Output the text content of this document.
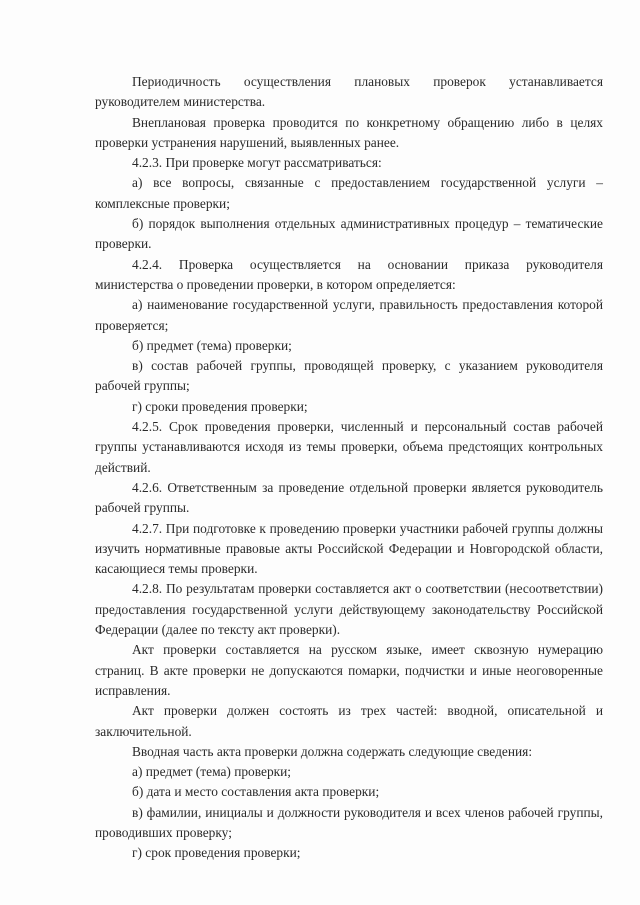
Периодичность осуществления плановых проверок устанавливается руководителем министерства.

Внеплановая проверка проводится по конкретному обращению либо в целях проверки устранения нарушений, выявленных ранее.

4.2.3. При проверке могут рассматриваться:

а) все вопросы, связанные с предоставлением государственной услуги – комплексные проверки;

б) порядок выполнения отдельных административных процедур – тематические проверки.

4.2.4. Проверка осуществляется на основании приказа руководителя министерства о проведении проверки, в котором определяется:

а) наименование государственной услуги, правильность предоставления которой проверяется;

б) предмет (тема) проверки;

в) состав рабочей группы, проводящей проверку, с указанием руководителя рабочей группы;

г) сроки проведения проверки;

4.2.5. Срок проведения проверки, численный и персональный состав рабочей группы устанавливаются исходя из темы проверки, объема предстоящих контрольных действий.

4.2.6. Ответственным за проведение отдельной проверки является руководитель рабочей группы.

4.2.7. При подготовке к проведению проверки участники рабочей группы должны изучить нормативные правовые акты Российской Федерации и Новгородской области, касающиеся темы проверки.

4.2.8. По результатам проверки составляется акт о соответствии (несоответствии) предоставления государственной услуги действующему законодательству Российской Федерации (далее по тексту акт проверки).

Акт проверки составляется на русском языке, имеет сквозную нумерацию страниц. В акте проверки не допускаются помарки, подчистки и иные неоговоренные исправления.

Акт проверки должен состоять из трех частей: вводной, описательной и заключительной.

Вводная часть акта проверки должна содержать следующие сведения:

а) предмет (тема) проверки;

б) дата и место составления акта проверки;

в) фамилии, инициалы и должности руководителя и всех членов рабочей группы, проводивших проверку;

г) срок проведения проверки;
